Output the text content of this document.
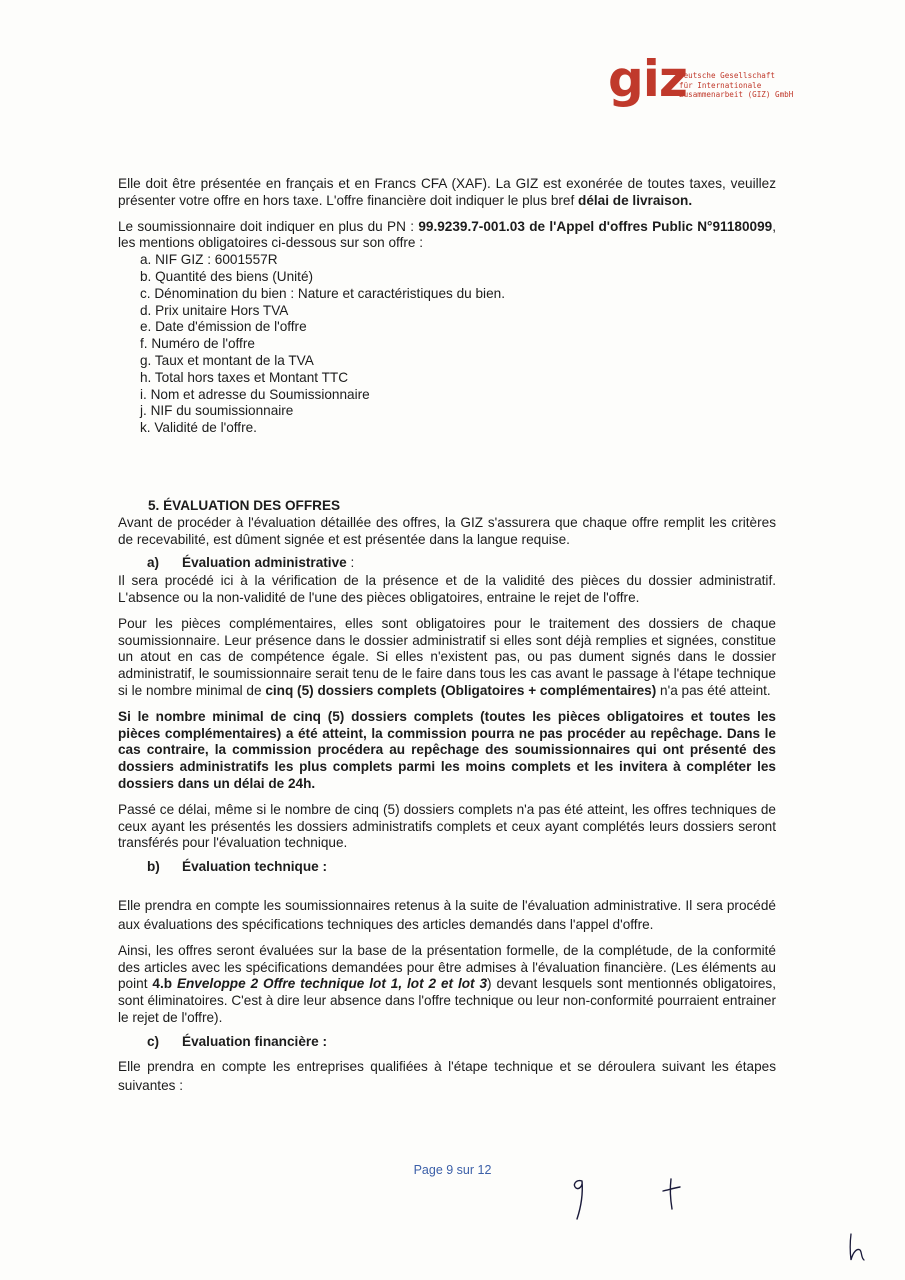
giz
Deutsche Gesellschaft
für Internationale
Zusammenarbeit (GIZ) GmbH

Elle doit être présentée en français et en Francs CFA (XAF). La GIZ est exonérée de toutes taxes, veuillez présenter votre offre en hors taxe. L'offre financière doit indiquer le plus bref délai de livraison.

Le soumissionnaire doit indiquer en plus du PN : 99.9239.7-001.03 de l'Appel d'offres Public N°91180099, les mentions obligatoires ci-dessous sur son offre :

a. NIF GIZ : 6001557R
b. Quantité des biens (Unité)
c. Dénomination du bien : Nature et caractéristiques du bien.
d. Prix unitaire Hors TVA
e. Date d'émission de l'offre
f. Numéro de l'offre
g. Taux et montant de la TVA
h. Total hors taxes et Montant TTC
i. Nom et adresse du Soumissionnaire
j. NIF du soumissionnaire
k. Validité de l'offre.

5. ÉVALUATION DES OFFRES

Avant de procéder à l'évaluation détaillée des offres, la GIZ s'assurera que chaque offre remplit les critères de recevabilité, est dûment signée et est présentée dans la langue requise.

a) Évaluation administrative :

Il sera procédé ici à la vérification de la présence et de la validité des pièces du dossier administratif. L'absence ou la non-validité de l'une des pièces obligatoires, entraine le rejet de l'offre.

Pour les pièces complémentaires, elles sont obligatoires pour le traitement des dossiers de chaque soumissionnaire. Leur présence dans le dossier administratif si elles sont déjà remplies et signées, constitue un atout en cas de compétence égale. Si elles n'existent pas, ou pas dument signés dans le dossier administratif, le soumissionnaire serait tenu de le faire dans tous les cas avant le passage à l'étape technique si le nombre minimal de cinq (5) dossiers complets (Obligatoires + complémentaires) n'a pas été atteint.

Si le nombre minimal de cinq (5) dossiers complets (toutes les pièces obligatoires et toutes les pièces complémentaires) a été atteint, la commission pourra ne pas procéder au repêchage. Dans le cas contraire, la commission procédera au repêchage des soumissionnaires qui ont présenté des dossiers administratifs les plus complets parmi les moins complets et les invitera à compléter les dossiers dans un délai de 24h.

Passé ce délai, même si le nombre de cinq (5) dossiers complets n'a pas été atteint, les offres techniques de ceux ayant les présentés les dossiers administratifs complets et ceux ayant complétés leurs dossiers seront transférés pour l'évaluation technique.

b) Évaluation technique :

Elle prendra en compte les soumissionnaires retenus à la suite de l'évaluation administrative. Il sera procédé aux évaluations des spécifications techniques des articles demandés dans l'appel d'offre.

Ainsi, les offres seront évaluées sur la base de la présentation formelle, de la complétude, de la conformité des articles avec les spécifications demandées pour être admises à l'évaluation financière. (Les éléments au point 4.b Enveloppe 2 Offre technique lot 1, lot 2 et lot 3) devant lesquels sont mentionnés obligatoires, sont éliminatoires. C'est à dire leur absence dans l'offre technique ou leur non-conformité pourraient entrainer le rejet de l'offre).

c) Évaluation financière :

Elle prendra en compte les entreprises qualifiées à l'étape technique et se déroulera suivant les étapes suivantes :

Page 9 sur 12
